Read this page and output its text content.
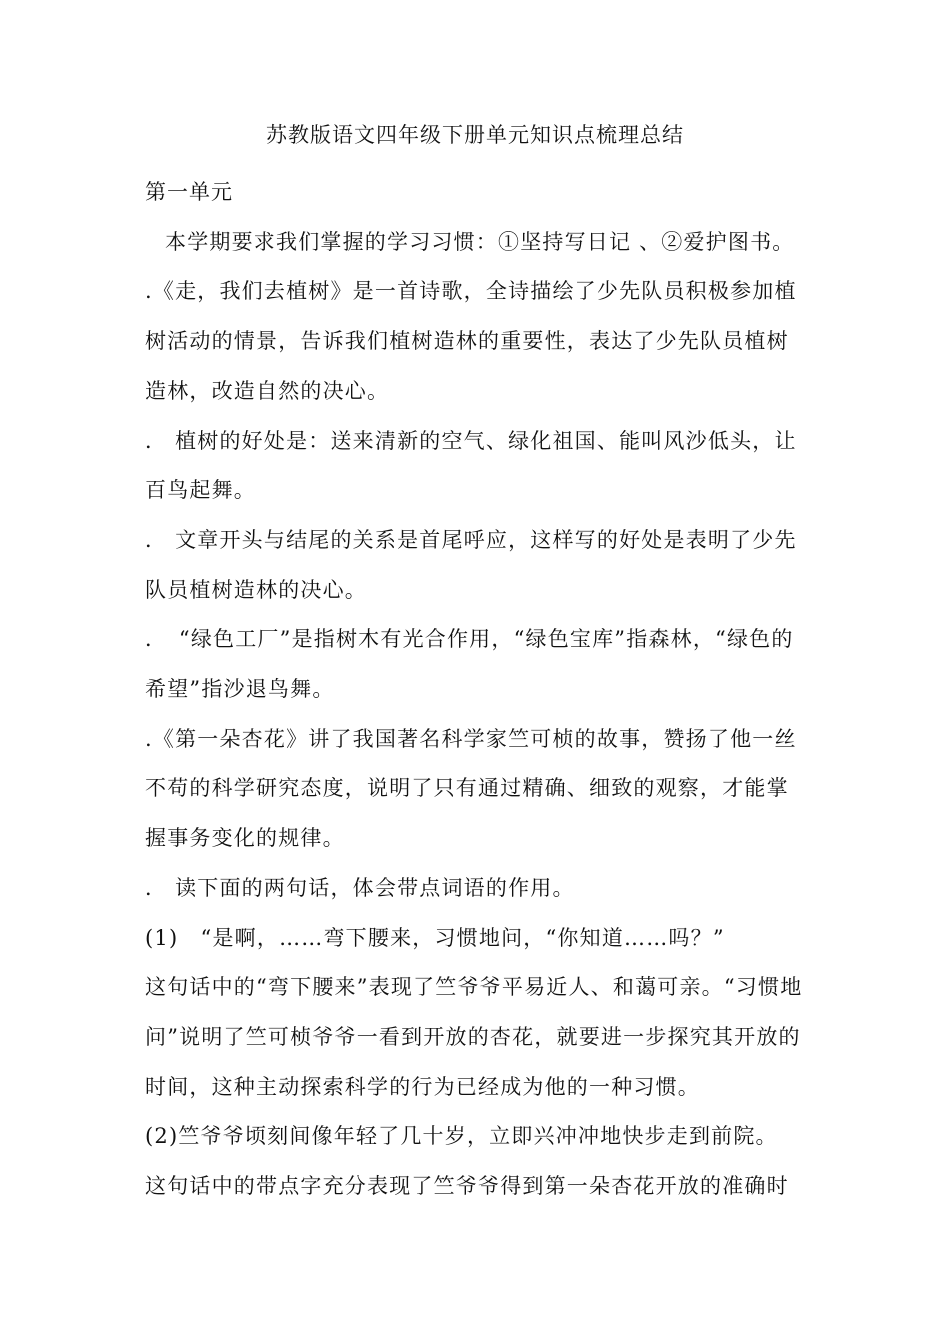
苏教版语文四年级下册单元知识点梳理总结

第一单元

本学期要求我们掌握的学习习惯：①坚持写日记 、②爱护图书。

.《走，我们去植树》是一首诗歌，全诗描绘了少先队员积极参加植树活动的情景，告诉我们植树造林的重要性，表达了少先队员植树造林，改造自然的决心。

． 植树的好处是：送来清新的空气、绿化祖国、能叫风沙低头，让百鸟起舞。

． 文章开头与结尾的关系是首尾呼应，这样写的好处是表明了少先队员植树造林的决心。

．　“绿色工厂”是指树木有光合作用，“绿色宝库”指森林，“绿色的希望”指沙退鸟舞。

.《第一朵杏花》讲了我国著名科学家竺可桢的故事，赞扬了他一丝不苟的科学研究态度，说明了只有通过精确、细致的观察，才能掌握事务变化的规律。

． 读下面的两句话，体会带点词语的作用。

(1)　“是啊，……弯下腰来，习惯地问，“你知道……吗？”

这句话中的“弯下腰来”表现了竺爷爷平易近人、和蔼可亲。“习惯地问”说明了竺可桢爷爷一看到开放的杏花，就要进一步探究其开放的时间，这种主动探索科学的行为已经成为他的一种习惯。

(2)竺爷爷顷刻间像年轻了几十岁，立即兴冲冲地快步走到前院。

这句话中的带点字充分表现了竺爷爷得到第一朵杏花开放的准确时
